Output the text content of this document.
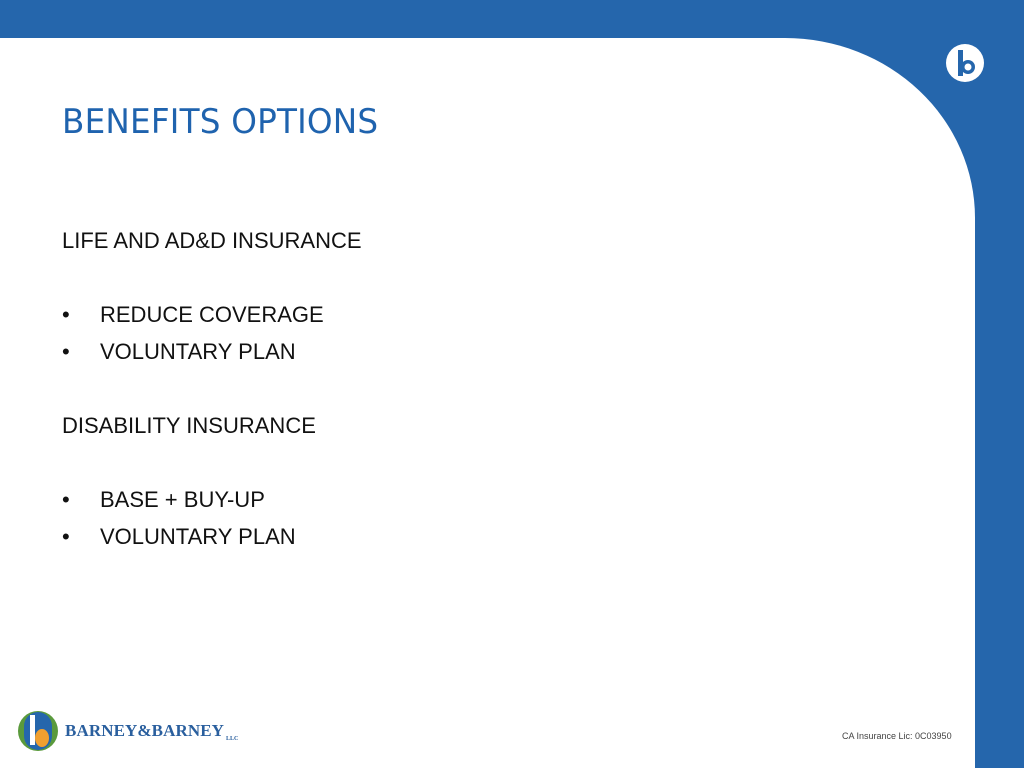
BENEFITS OPTIONS

LIFE AND AD&D INSURANCE

•	REDUCE COVERAGE
•	VOLUNTARY PLAN

DISABILITY INSURANCE

•	BASE + BUY-UP
•	VOLUNTARY PLAN
BARNEY&BARNEY LLC	CA Insurance Lic: 0C03950
